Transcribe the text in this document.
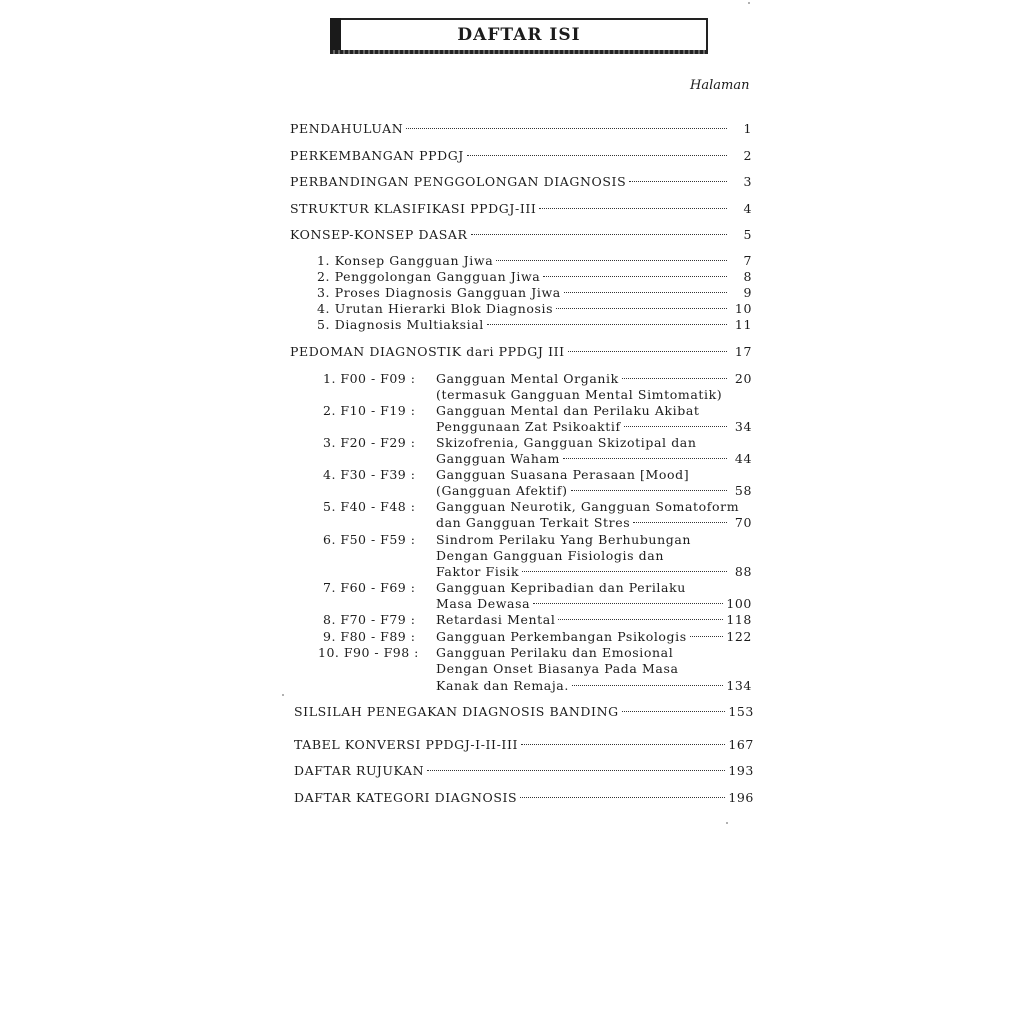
DAFTAR ISI
Halaman
PENDAHULUAN	1
PERKEMBANGAN PPDGJ	2
PERBANDINGAN PENGGOLONGAN DIAGNOSIS	3
STRUKTUR KLASIFIKASI PPDGJ-III	4
KONSEP-KONSEP DASAR	5
1. Konsep Gangguan Jiwa	7
2. Penggolongan Gangguan Jiwa	8
3. Proses Diagnosis Gangguan Jiwa	9
4. Urutan Hierarki Blok Diagnosis	10
5. Diagnosis Multiaksial	11
PEDOMAN DIAGNOSTIK dari PPDGJ III	17
1. F00 - F09 : Gangguan Mental Organik	20
(termasuk Gangguan Mental Simtomatik)
2. F10 - F19 : Gangguan Mental dan Perilaku Akibat
Penggunaan Zat Psikoaktif	34
3. F20 - F29 : Skizofrenia, Gangguan Skizotipal dan
Gangguan Waham	44
4. F30 - F39 : Gangguan Suasana Perasaan [Mood]
(Gangguan Afektif)	58
5. F40 - F48 : Gangguan Neurotik, Gangguan Somatoform
dan Gangguan Terkait Stres	70
6. F50 - F59 : Sindrom Perilaku Yang Berhubungan
Dengan Gangguan Fisiologis dan
Faktor Fisik	88
7. F60 - F69 : Gangguan Kepribadian dan Perilaku
Masa Dewasa	100
8. F70 - F79 : Retardasi Mental	118
9. F80 - F89 : Gangguan Perkembangan Psikologis	122
10. F90 - F98 : Gangguan Perilaku dan Emosional
Dengan Onset Biasanya Pada Masa
Kanak dan Remaja.	134
SILSILAH PENEGAKAN DIAGNOSIS BANDING	153
TABEL KONVERSI PPDGJ-I-II-III	167
DAFTAR RUJUKAN	193
DAFTAR KATEGORI DIAGNOSIS	196
